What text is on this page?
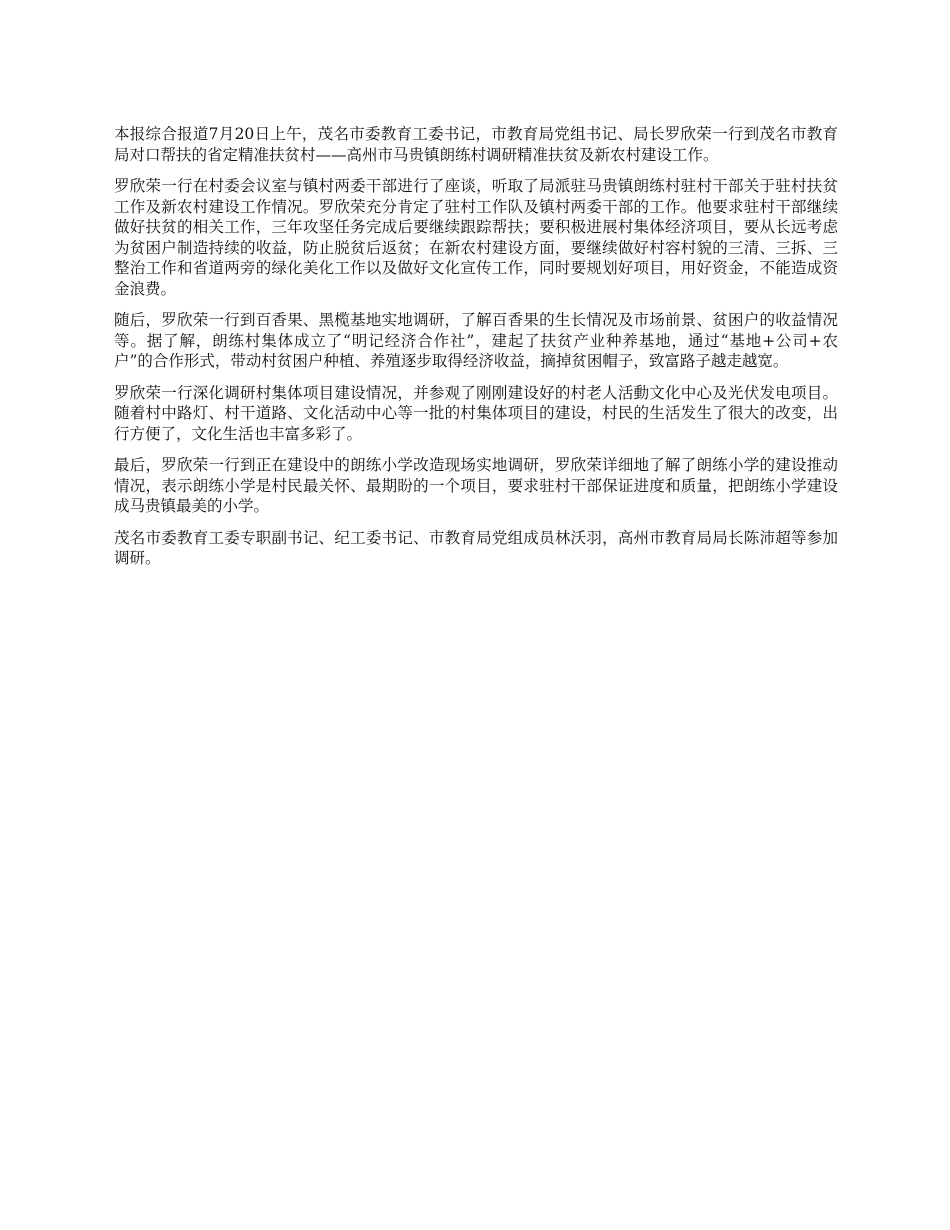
本报综合报道7月20日上午，茂名市委教育工委书记，市教育局党组书记、局长罗欣荣一行到茂名市教育局对口帮扶的省定精准扶贫村——高州市马贵镇朗练村调研精准扶贫及新农村建设工作。

罗欣荣一行在村委会议室与镇村两委干部进行了座谈，听取了局派驻马贵镇朗练村驻村干部关于驻村扶贫工作及新农村建设工作情况。罗欣荣充分肯定了驻村工作队及镇村两委干部的工作。他要求驻村干部继续做好扶贫的相关工作，三年攻坚任务完成后要继续跟踪帮扶；要积极进展村集体经济项目，要从长远考虑为贫困户制造持续的收益，防止脱贫后返贫；在新农村建设方面，要继续做好村容村貌的三清、三拆、三整治工作和省道两旁的绿化美化工作以及做好文化宣传工作，同时要规划好项目，用好资金，不能造成资金浪费。

随后，罗欣荣一行到百香果、黑榄基地实地调研，了解百香果的生长情况及市场前景、贫困户的收益情况等。据了解，朗练村集体成立了“明记经济合作社”，建起了扶贫产业种养基地，通过“基地+公司+农户”的合作形式，带动村贫困户种植、养殖逐步取得经济收益，摘掉贫困帽子，致富路子越走越宽。

罗欣荣一行深化调研村集体项目建设情况，并参观了刚刚建设好的村老人活動文化中心及光伏发电项目。随着村中路灯、村干道路、文化活动中心等一批的村集体项目的建设，村民的生活发生了很大的改变，出行方便了，文化生活也丰富多彩了。

最后，罗欣荣一行到正在建设中的朗练小学改造现场实地调研，罗欣荣详细地了解了朗练小学的建设推动情况，表示朗练小学是村民最关怀、最期盼的一个项目，要求驻村干部保证进度和质量，把朗练小学建设成马贵镇最美的小学。

茂名市委教育工委专职副书记、纪工委书记、市教育局党组成员林沃羽，高州市教育局局长陈沛超等参加调研。
